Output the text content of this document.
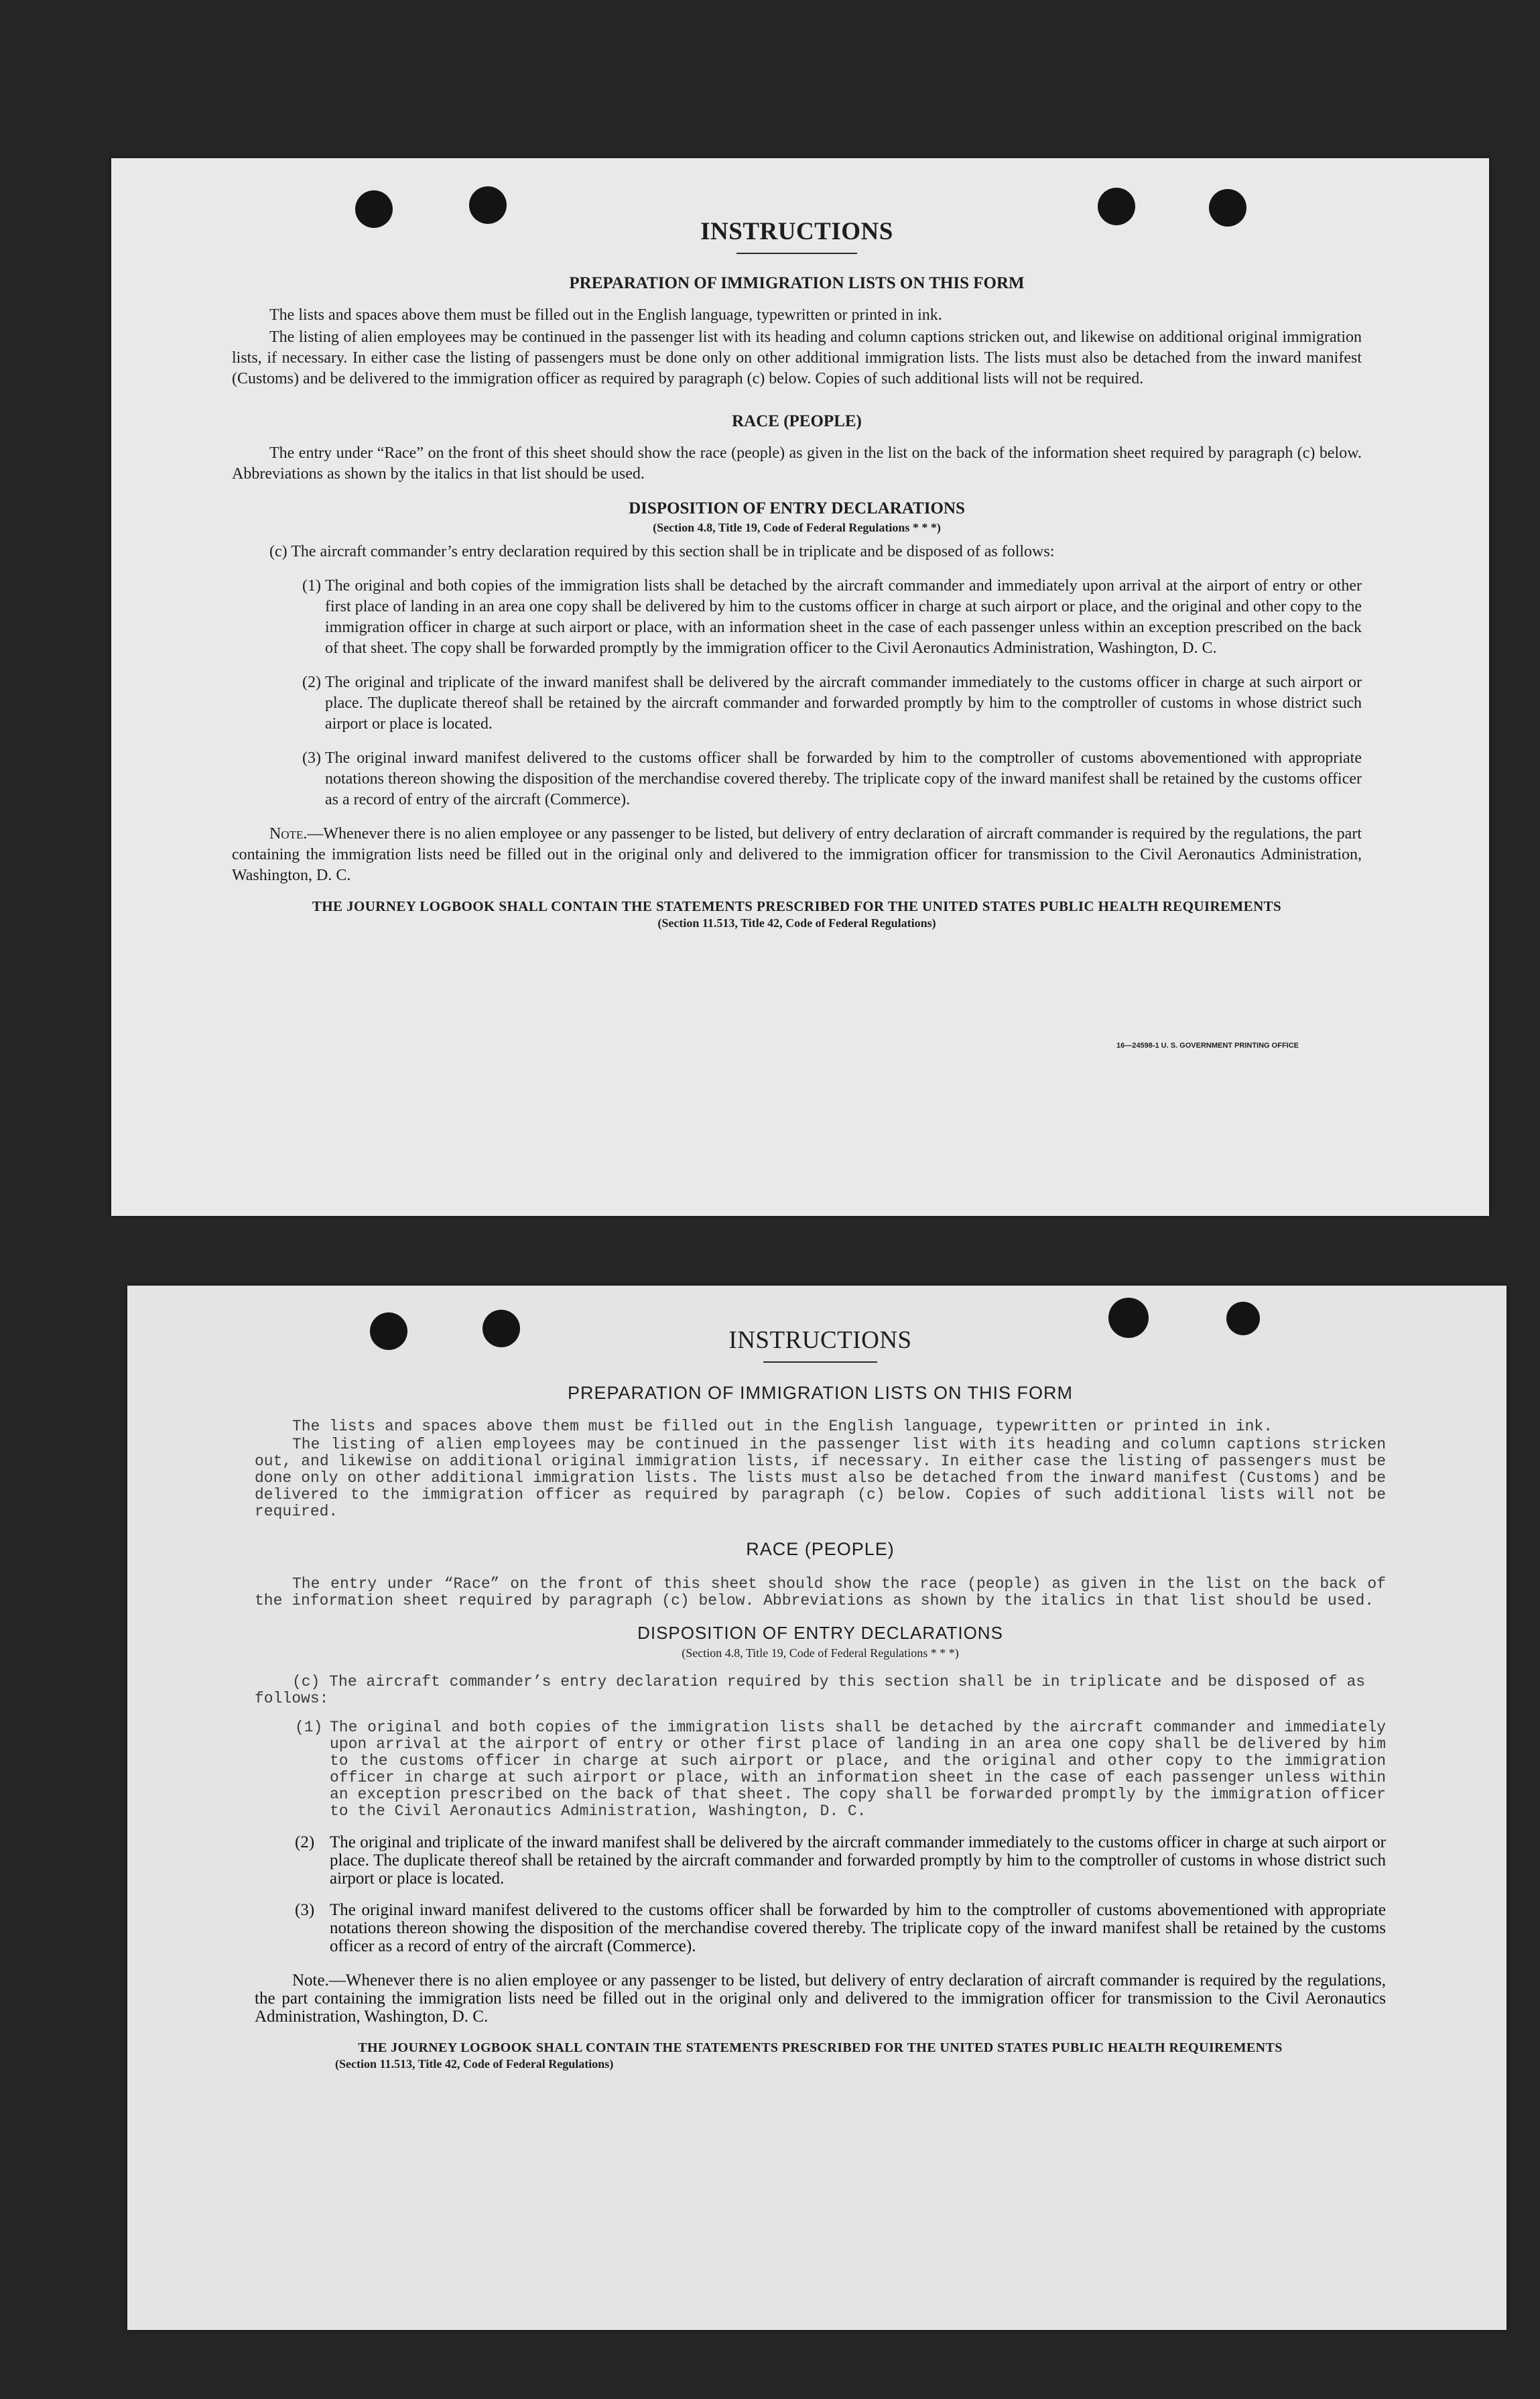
INSTRUCTIONS
PREPARATION OF IMMIGRATION LISTS ON THIS FORM

The lists and spaces above them must be filled out in the English language, typewritten or printed in ink.

The listing of alien employees may be continued in the passenger list with its heading and column captions stricken out, and likewise on additional original immigration lists, if necessary. In either case the listing of passengers must be done only on other additional immigration lists. The lists must also be detached from the inward manifest (Customs) and be delivered to the immigration officer as required by paragraph (c) below. Copies of such additional lists will not be required.

RACE (PEOPLE)

The entry under “Race” on the front of this sheet should show the race (people) as given in the list on the back of the information sheet required by paragraph (c) below. Abbreviations as shown by the italics in that list should be used.

DISPOSITION OF ENTRY DECLARATIONS
(Section 4.8, Title 19, Code of Federal Regulations * * *)
(c) The aircraft commander’s entry declaration required by this section shall be in triplicate and be disposed of as follows:
(1) The original and both copies of the immigration lists shall be detached by the aircraft commander and immediately upon arrival at the airport of entry or other first place of landing in an area one copy shall be delivered by him to the customs officer in charge at such airport or place, and the original and other copy to the immigration officer in charge at such airport or place, with an information sheet in the case of each passenger unless within an exception prescribed on the back of that sheet. The copy shall be forwarded promptly by the immigration officer to the Civil Aeronautics Administration, Washington, D. C.
(2) The original and triplicate of the inward manifest shall be delivered by the aircraft commander immediately to the customs officer in charge at such airport or place. The duplicate thereof shall be retained by the aircraft commander and forwarded promptly by him to the comptroller of customs in whose district such airport or place is located.
(3) The original inward manifest delivered to the customs officer shall be forwarded by him to the comptroller of customs abovementioned with appropriate notations thereon showing the disposition of the merchandise covered thereby. The triplicate copy of the inward manifest shall be retained by the customs officer as a record of entry of the aircraft (Commerce).

Note.—Whenever there is no alien employee or any passenger to be listed, but delivery of entry declaration of aircraft commander is required by the regulations, the part containing the immigration lists need be filled out in the original only and delivered to the immigration officer for transmission to the Civil Aeronautics Administration, Washington, D. C.

THE JOURNEY LOGBOOK SHALL CONTAIN THE STATEMENTS PRESCRIBED FOR THE UNITED STATES PUBLIC HEALTH REQUIREMENTS
(Section 11.513, Title 42, Code of Federal Regulations)
16—24598-1 U. S. GOVERNMENT PRINTING OFFICE
INSTRUCTIONS
PREPARATION OF IMMIGRATION LISTS ON THIS FORM

The lists and spaces above them must be filled out in the English language, typewritten or printed in ink.

The listing of alien employees may be continued in the passenger list with its heading and column captions stricken out, and likewise on additional original immigration lists, if necessary. In either case the listing of passengers must be done only on other additional immigration lists. The lists must also be detached from the inward manifest (Customs) and be delivered to the immigration officer as required by paragraph (c) below. Copies of such additional lists will not be required.

RACE (PEOPLE)

The entry under “Race” on the front of this sheet should show the race (people) as given in the list on the back of the information sheet required by paragraph (c) below. Abbreviations as shown by the italics in that list should be used.

DISPOSITION OF ENTRY DECLARATIONS
(Section 4.8, Title 19, Code of Federal Regulations * * *)
(c) The aircraft commander’s entry declaration required by this section shall be in triplicate and be disposed of as follows:
(1) The original and both copies of the immigration lists shall be detached by the aircraft commander and immediately upon arrival at the airport of entry or other first place of landing in an area one copy shall be delivered by him to the customs officer in charge at such airport or place, and the original and other copy to the immigration officer in charge at such airport or place, with an information sheet in the case of each passenger unless within an exception prescribed on the back of that sheet. The copy shall be forwarded promptly by the immigration officer to the Civil Aeronautics Administration, Washington, D. C.
(2) The original and triplicate of the inward manifest shall be delivered by the aircraft commander immediately to the customs officer in charge at such airport or place. The duplicate thereof shall be retained by the aircraft commander and forwarded promptly by him to the comptroller of customs in whose district such airport or place is located.
(3) The original inward manifest delivered to the customs officer shall be forwarded by him to the comptroller of customs abovementioned with appropriate notations thereon showing the disposition of the merchandise covered thereby. The triplicate copy of the inward manifest shall be retained by the customs officer as a record of entry of the aircraft (Commerce).

Note.—Whenever there is no alien employee or any passenger to be listed, but delivery of entry declaration of aircraft commander is required by the regulations, the part containing the immigration lists need be filled out in the original only and delivered to the immigration officer for transmission to the Civil Aeronautics Administration, Washington, D. C.

THE JOURNEY LOGBOOK SHALL CONTAIN THE STATEMENTS PRESCRIBED FOR THE UNITED STATES PUBLIC HEALTH REQUIREMENTS
(Section 11.513, Title 42, Code of Federal Regulations)
